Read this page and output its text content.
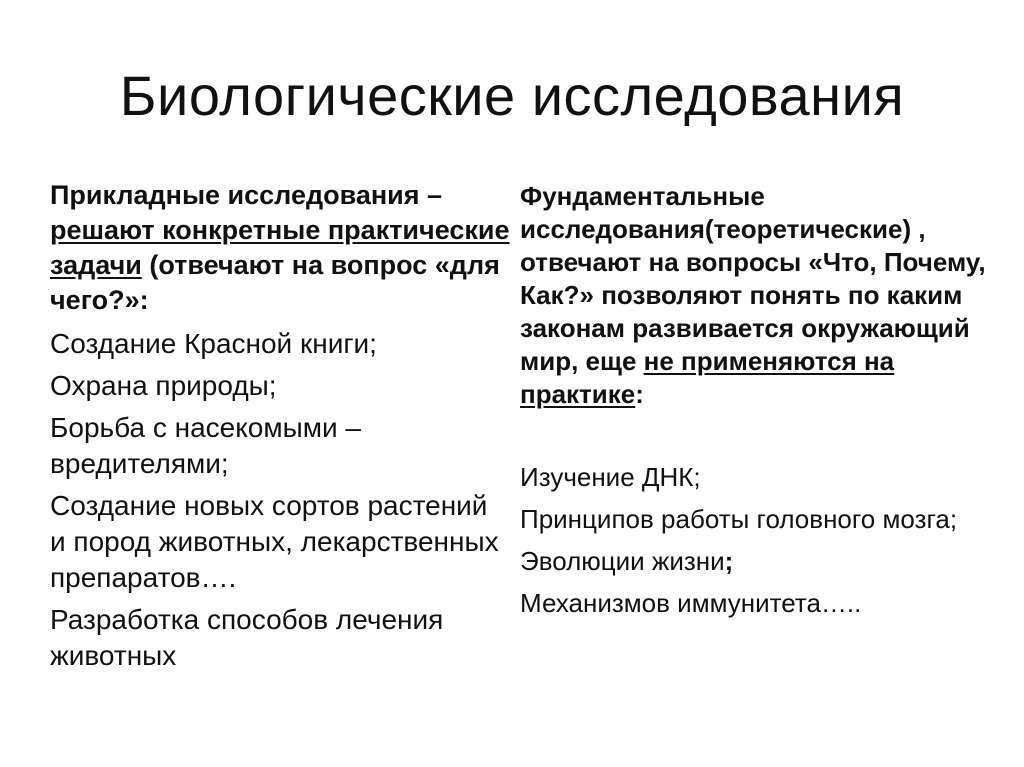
Биологические исследования

Прикладные исследования – решают конкретные практические задачи (отвечают на вопрос «для чего?»:

Создание Красной книги;
Охрана природы;
Борьба с насекомыми – вредителями;
Создание новых сортов растений и пород животных, лекарственных препаратов….
Разработка способов лечения животных

Фундаментальные исследования(теоретические) , отвечают на вопросы «Что, Почему, Как?» позволяют понять по каким законам развивается окружающий мир, еще не применяются на практике:

Изучение ДНК;
Принципов работы головного мозга;
Эволюции жизни;
Механизмов иммунитета…..
